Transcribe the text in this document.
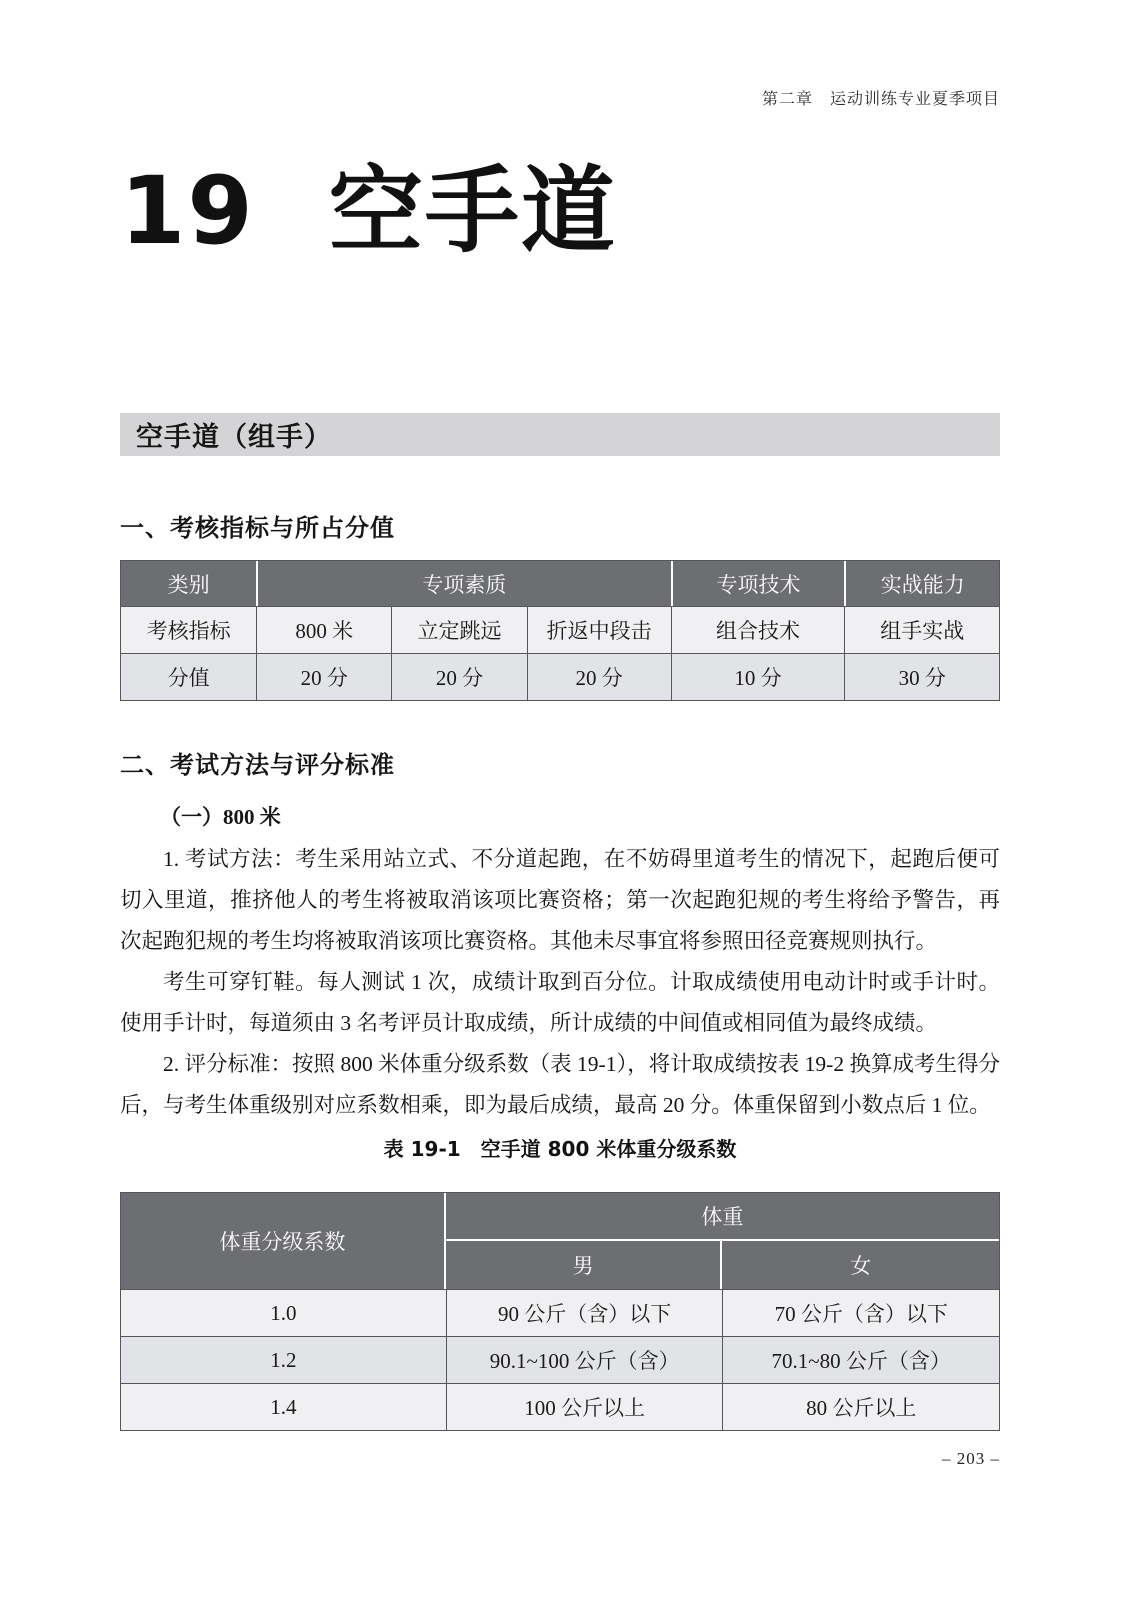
第二章　运动训练专业夏季项目
19 空手道
空手道（组手）
一、考核指标与所占分值
类别	专项素质			专项技术	实战能力
考核指标	800 米	立定跳远	折返中段击	组合技术	组手实战
分值	20 分	20 分	20 分	10 分	30 分
二、考试方法与评分标准
（一）800 米

1. 考试方法：考生采用站立式、不分道起跑，在不妨碍里道考生的情况下，起跑后便可切入里道，推挤他人的考生将被取消该项比赛资格；第一次起跑犯规的考生将给予警告，再次起跑犯规的考生均将被取消该项比赛资格。其他未尽事宜将参照田径竞赛规则执行。

考生可穿钉鞋。每人测试 1 次，成绩计取到百分位。计取成绩使用电动计时或手计时。使用手计时，每道须由 3 名考评员计取成绩，所计成绩的中间值或相同值为最终成绩。

2. 评分标准：按照 800 米体重分级系数（表 19-1），将计取成绩按表 19-2 换算成考生得分后，与考生体重级别对应系数相乘，即为最后成绩，最高 20 分。体重保留到小数点后 1 位。

表 19-1　空手道 800 米体重分级系数
体重分级系数	体重	
	男	女
1.0	90 公斤（含）以下	70 公斤（含）以下
1.2	90.1~100 公斤（含）	70.1~80 公斤（含）
1.4	100 公斤以上	80 公斤以上
– 203 –
